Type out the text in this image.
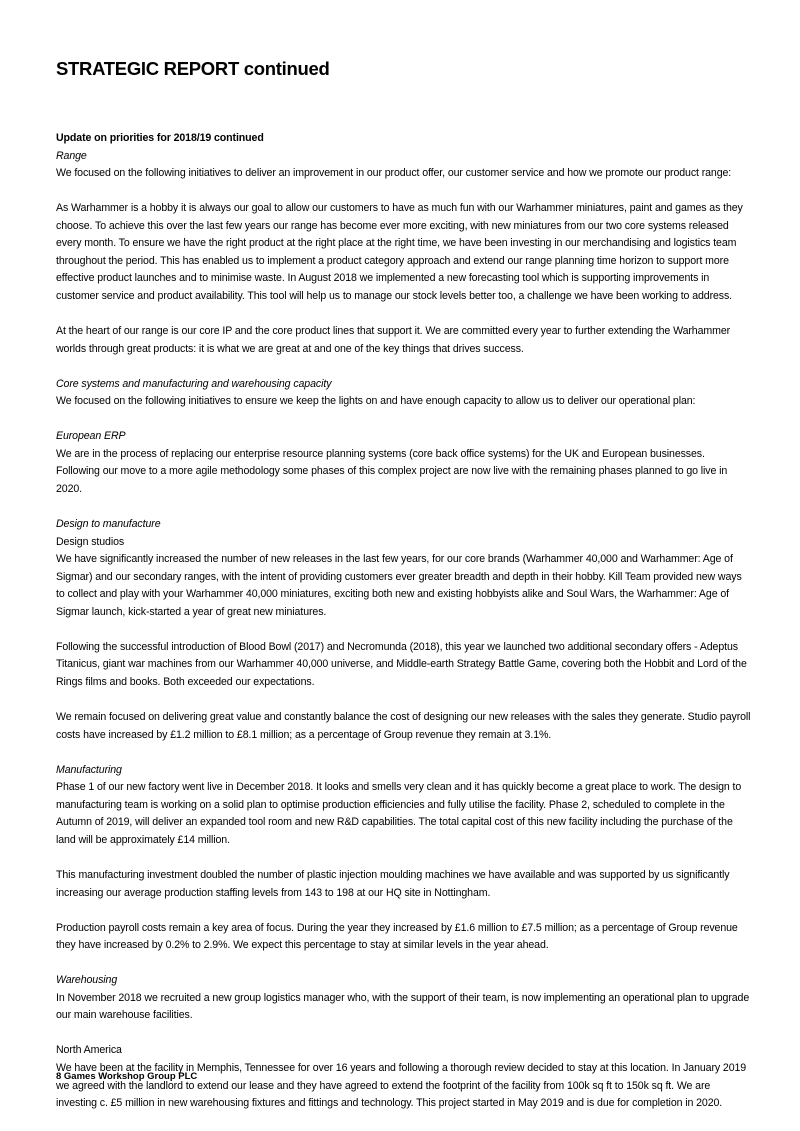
STRATEGIC REPORT continued

Update on priorities for 2018/19 continued
Range

We focused on the following initiatives to deliver an improvement in our product offer, our customer service and how we promote our product range:

As Warhammer is a hobby it is always our goal to allow our customers to have as much fun with our Warhammer miniatures, paint and games as they choose. To achieve this over the last few years our range has become ever more exciting, with new miniatures from our two core systems released every month. To ensure we have the right product at the right place at the right time, we have been investing in our merchandising and logistics team throughout the period. This has enabled us to implement a product category approach and extend our range planning time horizon to support more effective product launches and to minimise waste. In August 2018 we implemented a new forecasting tool which is supporting improvements in customer service and product availability. This tool will help us to manage our stock levels better too, a challenge we have been working to address.

At the heart of our range is our core IP and the core product lines that support it. We are committed every year to further extending the Warhammer worlds through great products: it is what we are great at and one of the key things that drives success.

Core systems and manufacturing and warehousing capacity

We focused on the following initiatives to ensure we keep the lights on and have enough capacity to allow us to deliver our operational plan:

European ERP

We are in the process of replacing our enterprise resource planning systems (core back office systems) for the UK and European businesses. Following our move to a more agile methodology some phases of this complex project are now live with the remaining phases planned to go live in 2020.

Design to manufacture
Design studios

We have significantly increased the number of new releases in the last few years, for our core brands (Warhammer 40,000 and Warhammer: Age of Sigmar) and our secondary ranges, with the intent of providing customers ever greater breadth and depth in their hobby. Kill Team provided new ways to collect and play with your Warhammer 40,000 miniatures, exciting both new and existing hobbyists alike and Soul Wars, the Warhammer: Age of Sigmar launch, kick-started a year of great new miniatures.

Following the successful introduction of Blood Bowl (2017) and Necromunda (2018), this year we launched two additional secondary offers - Adeptus Titanicus, giant war machines from our Warhammer 40,000 universe, and Middle-earth Strategy Battle Game, covering both the Hobbit and Lord of the Rings films and books. Both exceeded our expectations.

We remain focused on delivering great value and constantly balance the cost of designing our new releases with the sales they generate. Studio payroll costs have increased by £1.2 million to £8.1 million; as a percentage of Group revenue they remain at 3.1%.

Manufacturing

Phase 1 of our new factory went live in December 2018. It looks and smells very clean and it has quickly become a great place to work. The design to manufacturing team is working on a solid plan to optimise production efficiencies and fully utilise the facility. Phase 2, scheduled to complete in the Autumn of 2019, will deliver an expanded tool room and new R&D capabilities. The total capital cost of this new facility including the purchase of the land will be approximately £14 million.

This manufacturing investment doubled the number of plastic injection moulding machines we have available and was supported by us significantly increasing our average production staffing levels from 143 to 198 at our HQ site in Nottingham.

Production payroll costs remain a key area of focus. During the year they increased by £1.6 million to £7.5 million; as a percentage of Group revenue they have increased by 0.2% to 2.9%. We expect this percentage to stay at similar levels in the year ahead.

Warehousing

In November 2018 we recruited a new group logistics manager who, with the support of their team, is now implementing an operational plan to upgrade our main warehouse facilities.

North America

We have been at the facility in Memphis, Tennessee for over 16 years and following a thorough review decided to stay at this location. In January 2019 we agreed with the landlord to extend our lease and they have agreed to extend the footprint of the facility from 100k sq ft to 150k sq ft. We are investing c. £5 million in new warehousing fixtures and fittings and technology. This project started in May 2019 and is due for completion in 2020.

8 Games Workshop Group PLC
